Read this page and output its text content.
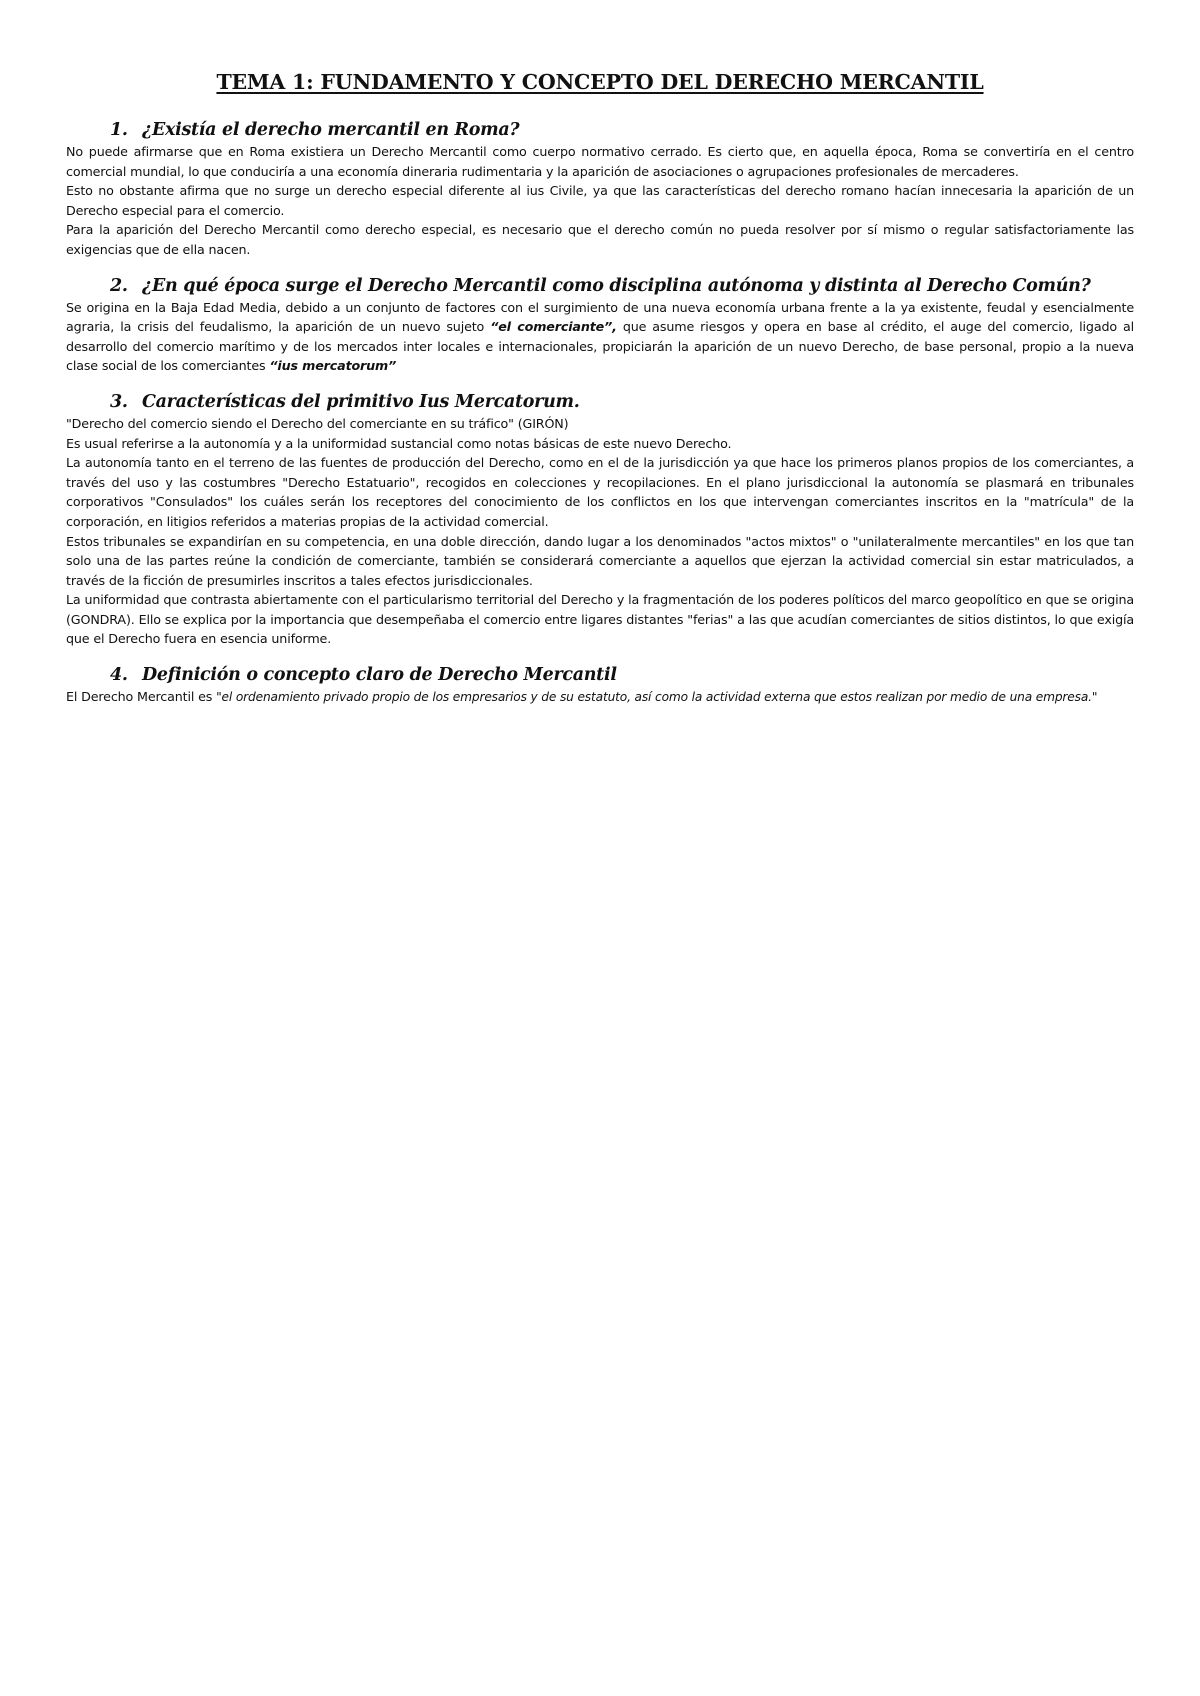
TEMA 1: FUNDAMENTO Y CONCEPTO DEL DERECHO MERCANTIL
1. ¿Existía el derecho mercantil en Roma?

No puede afirmarse que en Roma existiera un Derecho Mercantil como cuerpo normativo cerrado. Es cierto que, en aquella época, Roma se convertiría en el centro comercial mundial, lo que conduciría a una economía dineraria rudimentaria y la aparición de asociaciones o agrupaciones profesionales de mercaderes.

Esto no obstante afirma que no surge un derecho especial diferente al ius Civile, ya que las características del derecho romano hacían innecesaria la aparición de un Derecho especial para el comercio.

Para la aparición del Derecho Mercantil como derecho especial, es necesario que el derecho común no pueda resolver por sí mismo o regular satisfactoriamente las exigencias que de ella nacen.

2. ¿En qué época surge el Derecho Mercantil como disciplina autónoma y distinta al Derecho Común?

Se origina en la Baja Edad Media, debido a un conjunto de factores con el surgimiento de una nueva economía urbana frente a la ya existente, feudal y esencialmente agraria, la crisis del feudalismo, la aparición de un nuevo sujeto “el comerciante”, que asume riesgos y opera en base al crédito, el auge del comercio, ligado al desarrollo del comercio marítimo y de los mercados inter locales e internacionales, propiciarán la aparición de un nuevo Derecho, de base personal, propio a la nueva clase social de los comerciantes “ius mercatorum”

3. Características del primitivo Ius Mercatorum.

"Derecho del comercio siendo el Derecho del comerciante en su tráfico" (GIRÓN)

Es usual referirse a la autonomía y a la uniformidad sustancial como notas básicas de este nuevo Derecho.

La autonomía tanto en el terreno de las fuentes de producción del Derecho, como en el de la jurisdicción ya que hace los primeros planos propios de los comerciantes, a través del uso y las costumbres "Derecho Estatuario", recogidos en colecciones y recopilaciones. En el plano jurisdiccional la autonomía se plasmará en tribunales corporativos "Consulados" los cuáles serán los receptores del conocimiento de los conflictos en los que intervengan comerciantes inscritos en la "matrícula" de la corporación, en litigios referidos a materias propias de la actividad comercial.

Estos tribunales se expandirían en su competencia, en una doble dirección, dando lugar a los denominados "actos mixtos" o "unilateralmente mercantiles" en los que tan solo una de las partes reúne la condición de comerciante, también se considerará comerciante a aquellos que ejerzan la actividad comercial sin estar matriculados, a través de la ficción de presumirles inscritos a tales efectos jurisdiccionales.

La uniformidad que contrasta abiertamente con el particularismo territorial del Derecho y la fragmentación de los poderes políticos del marco geopolítico en que se origina (GONDRA). Ello se explica por la importancia que desempeñaba el comercio entre ligares distantes "ferias" a las que acudían comerciantes de sitios distintos, lo que exigía que el Derecho fuera en esencia uniforme.

4. Definición o concepto claro de Derecho Mercantil

El Derecho Mercantil es "el ordenamiento privado propio de los empresarios y de su estatuto, así como la actividad externa que estos realizan por medio de una empresa."
